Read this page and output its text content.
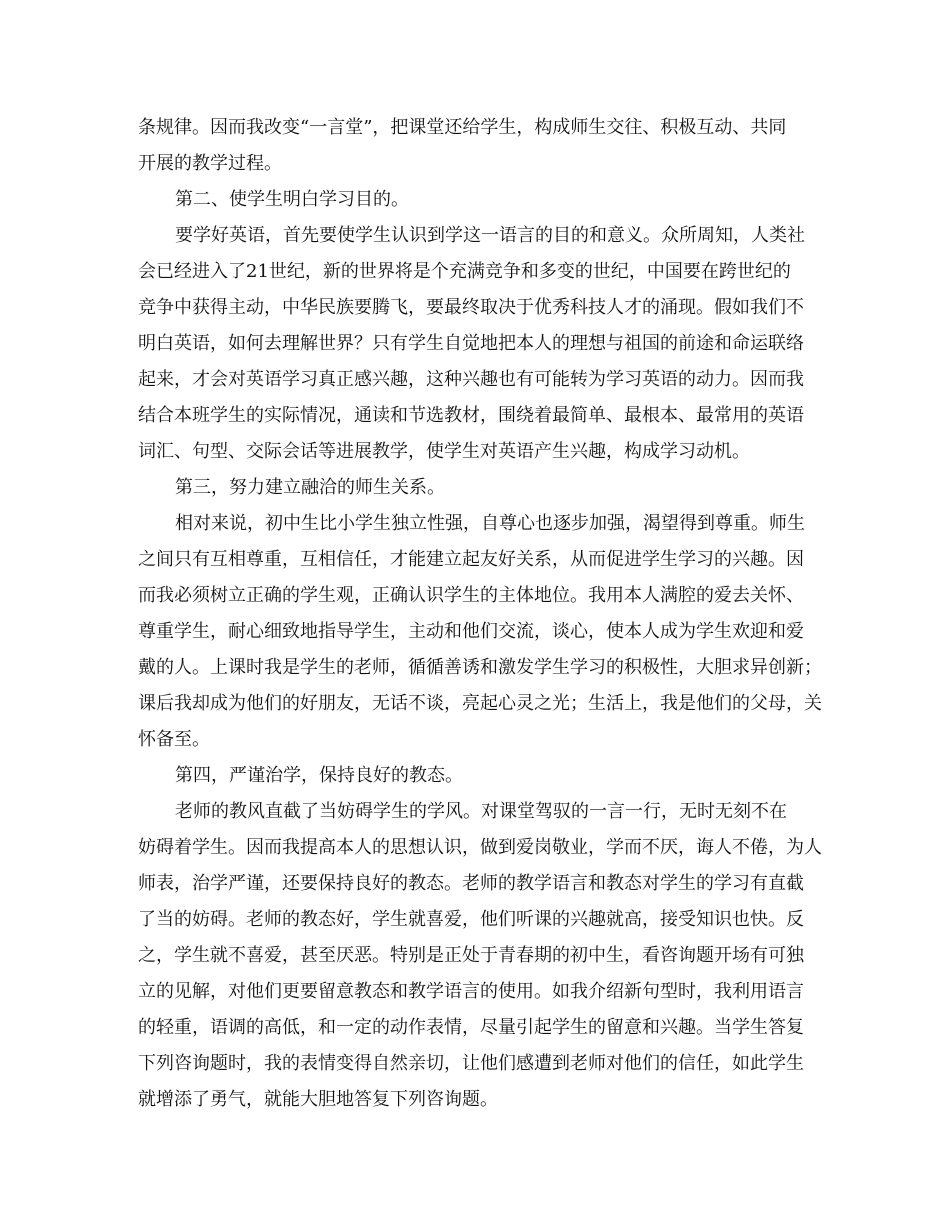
条规律。因而我改变“一言堂”，把课堂还给学生，构成师生交往、积极互动、共同
开展的教学过程。
第二、使学生明白学习目的。
要学好英语，首先要使学生认识到学这一语言的目的和意义。众所周知，人类社
会已经进入了21世纪，新的世界将是个充满竞争和多变的世纪，中国要在跨世纪的
竞争中获得主动，中华民族要腾飞，要最终取决于优秀科技人才的涌现。假如我们不
明白英语，如何去理解世界？只有学生自觉地把本人的理想与祖国的前途和命运联络
起来，才会对英语学习真正感兴趣，这种兴趣也有可能转为学习英语的动力。因而我
结合本班学生的实际情况，通读和节选教材，围绕着最简单、最根本、最常用的英语
词汇、句型、交际会话等进展教学，使学生对英语产生兴趣，构成学习动机。
第三，努力建立融洽的师生关系。
相对来说，初中生比小学生独立性强，自尊心也逐步加强，渴望得到尊重。师生
之间只有互相尊重，互相信任，才能建立起友好关系，从而促进学生学习的兴趣。因
而我必须树立正确的学生观，正确认识学生的主体地位。我用本人满腔的爱去关怀、
尊重学生，耐心细致地指导学生，主动和他们交流，谈心，使本人成为学生欢迎和爱
戴的人。上课时我是学生的老师，循循善诱和激发学生学习的积极性，大胆求异创新；
课后我却成为他们的好朋友，无话不谈，亮起心灵之光；生活上，我是他们的父母，关
怀备至。
第四，严谨治学，保持良好的教态。
老师的教风直截了当妨碍学生的学风。对课堂驾驭的一言一行，无时无刻不在
妨碍着学生。因而我提高本人的思想认识，做到爱岗敬业，学而不厌，诲人不倦，为人
师表，治学严谨，还要保持良好的教态。老师的教学语言和教态对学生的学习有直截
了当的妨碍。老师的教态好，学生就喜爱，他们听课的兴趣就高，接受知识也快。反
之，学生就不喜爱，甚至厌恶。特别是正处于青春期的初中生，看咨询题开场有可独
立的见解，对他们更要留意教态和教学语言的使用。如我介绍新句型时，我利用语言
的轻重，语调的高低，和一定的动作表情，尽量引起学生的留意和兴趣。当学生答复
下列咨询题时，我的表情变得自然亲切，让他们感遭到老师对他们的信任，如此学生
就增添了勇气，就能大胆地答复下列咨询题。
